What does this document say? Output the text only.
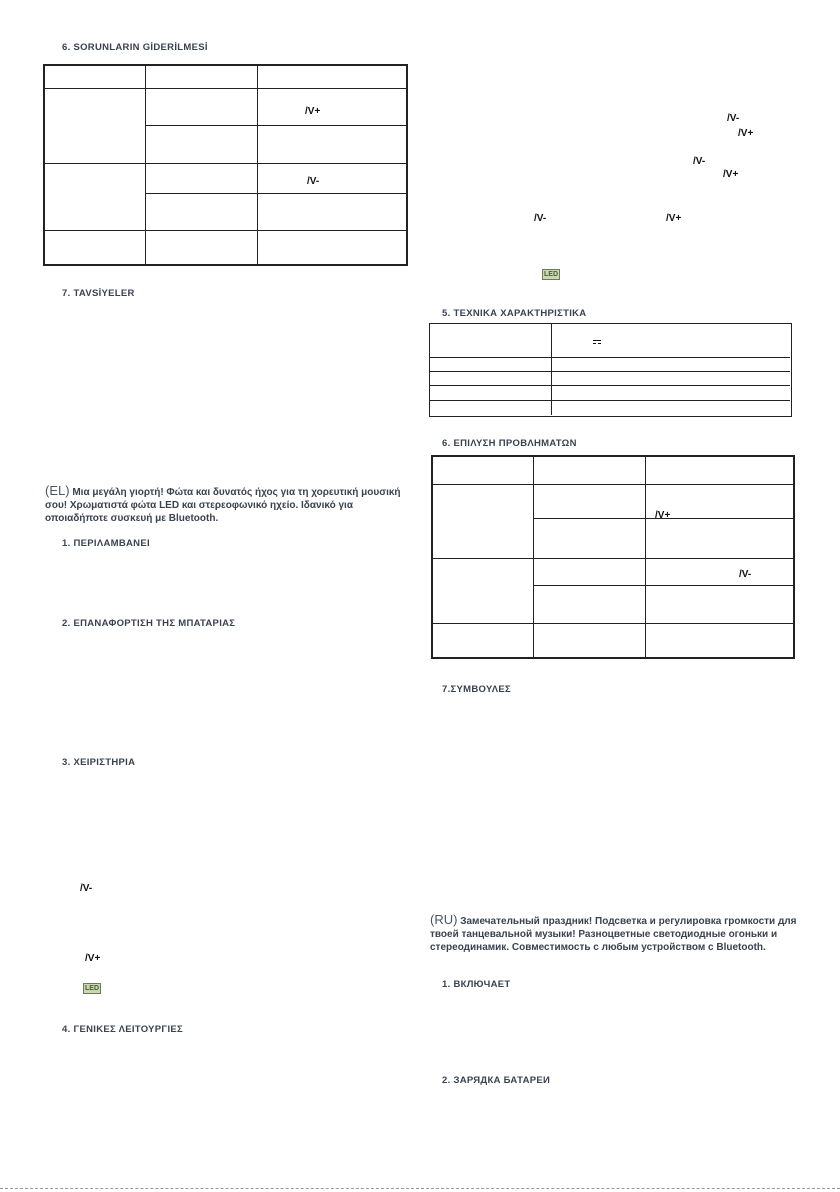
6. SORUNLARIN GİDERİLMESİ
/V+
/V-
7. TAVSİYELER
(EL) Μια μεγάλη γιορτή! Φώτα και δυνατός ήχος για τη χορευτική μουσική σου! Χρωματιστά φώτα LED και στερεοφωνικό ηχείο. Ιδανικό για οποιαδήποτε συσκευή με Bluetooth.
1. ΠΕΡΙΛΑΜΒΑΝΕΙ
2. ΕΠΑΝΑΦΟΡΤΙΣΗ ΤΗΣ ΜΠΑΤΑΡΙΑΣ
3. ΧΕΙΡΙΣΤΗΡΙΑ
/V-
/V+
LED
4. ΓΕΝΙΚΕΣ ΛΕΙΤΟΥΡΓΙΕΣ
/V-
/V+
/V-
/V+
/V-	/V+
LED
5. ΤΕΧΝΙΚΑ ΧΑΡΑΚΤΗΡΙΣΤΙΚΑ
6. ΕΠΙΛΥΣΗ ΠΡΟΒΛΗΜΑΤΩΝ
/V+
/V-
7.ΣΥΜΒΟΥΛΕΣ
(RU) Замечательный праздник! Подсветка и регулировка громкости для твоей танцевальной музыки! Разноцветные светодиодные огоньки и стереодинамик. Совместимость с любым устройством с Bluetooth.
1. ВКЛЮЧАЕТ
2. ЗАРЯДКА БАТАРЕИ
